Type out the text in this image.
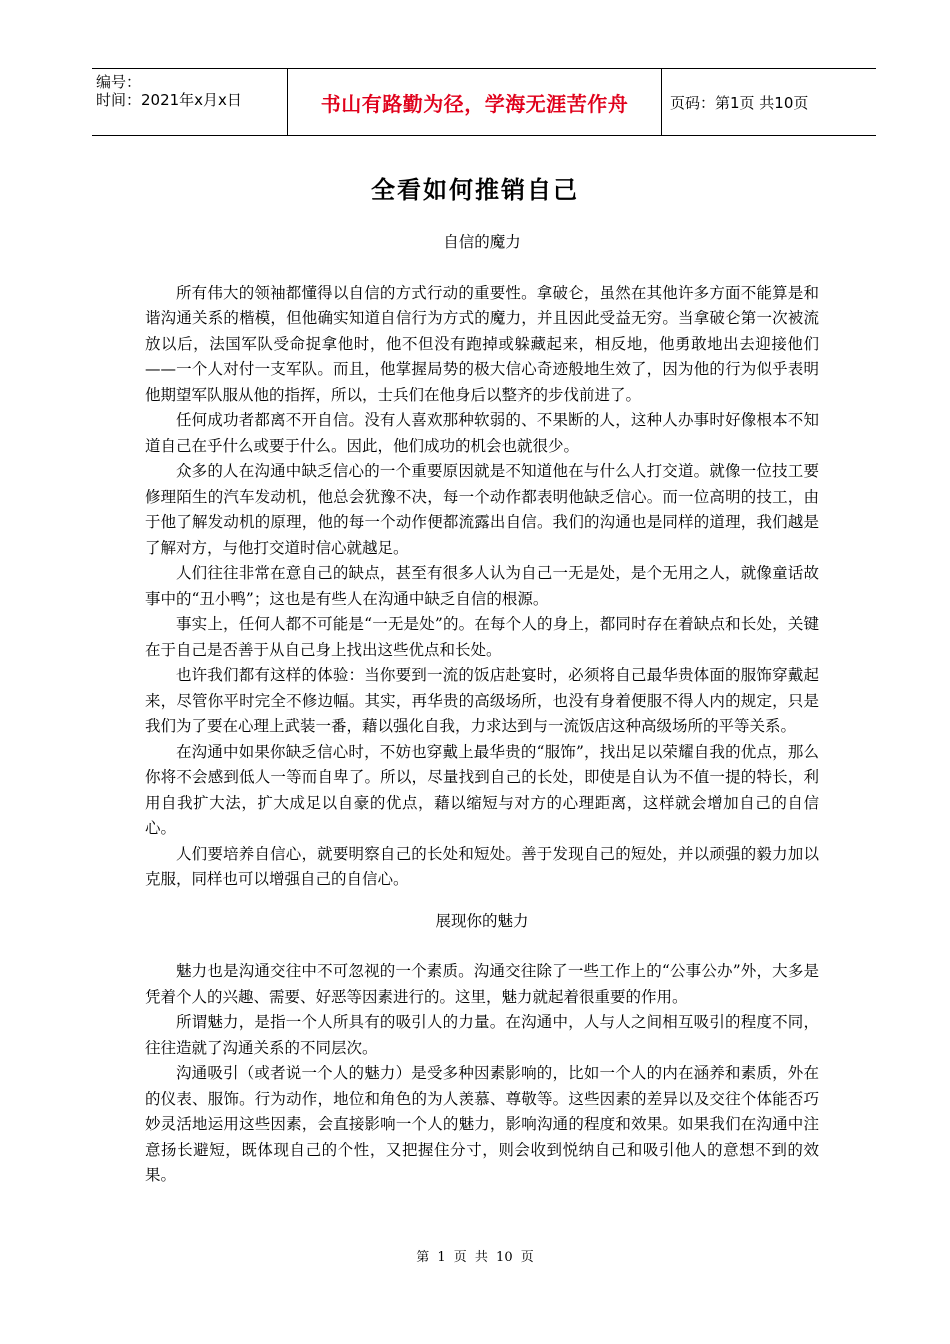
编号：
时间：2021年x月x日	书山有路勤为径，学海无涯苦作舟	页码：第1页 共10页
全看如何推销自己
自信的魔力

所有伟大的领袖都懂得以自信的方式行动的重要性。拿破仑，虽然在其他许多方面不能算是和谐沟通关系的楷模，但他确实知道自信行为方式的魔力，并且因此受益无穷。当拿破仑第一次被流放以后，法国军队受命捉拿他时，他不但没有跑掉或躲藏起来，相反地，他勇敢地出去迎接他们——一个人对付一支军队。而且，他掌握局势的极大信心奇迹般地生效了，因为他的行为似乎表明他期望军队服从他的指挥，所以，士兵们在他身后以整齐的步伐前进了。

任何成功者都离不开自信。没有人喜欢那种软弱的、不果断的人，这种人办事时好像根本不知道自己在乎什么或要于什么。因此，他们成功的机会也就很少。

众多的人在沟通中缺乏信心的一个重要原因就是不知道他在与什么人打交道。就像一位技工要修理陌生的汽车发动机，他总会犹豫不决，每一个动作都表明他缺乏信心。而一位高明的技工，由于他了解发动机的原理，他的每一个动作便都流露出自信。我们的沟通也是同样的道理，我们越是了解对方，与他打交道时信心就越足。

人们往往非常在意自己的缺点，甚至有很多人认为自己一无是处，是个无用之人，就像童话故事中的“丑小鸭”；这也是有些人在沟通中缺乏自信的根源。

事实上，任何人都不可能是“一无是处”的。在每个人的身上，都同时存在着缺点和长处，关键在于自己是否善于从自己身上找出这些优点和长处。

也许我们都有这样的体验：当你要到一流的饭店赴宴时，必须将自己最华贵体面的服饰穿戴起来，尽管你平时完全不修边幅。其实，再华贵的高级场所，也没有身着便服不得人内的规定，只是我们为了要在心理上武装一番，藉以强化自我，力求达到与一流饭店这种高级场所的平等关系。

在沟通中如果你缺乏信心时，不妨也穿戴上最华贵的“服饰”，找出足以荣耀自我的优点，那么你将不会感到低人一等而自卑了。所以，尽量找到自己的长处，即使是自认为不值一提的特长，利用自我扩大法，扩大成足以自豪的优点，藉以缩短与对方的心理距离，这样就会增加自己的自信心。

人们要培养自信心，就要明察自己的长处和短处。善于发现自己的短处，并以顽强的毅力加以克服，同样也可以增强自己的自信心。

展现你的魅力

魅力也是沟通交往中不可忽视的一个素质。沟通交往除了一些工作上的“公事公办”外，大多是凭着个人的兴趣、需要、好恶等因素进行的。这里，魅力就起着很重要的作用。

所谓魅力，是指一个人所具有的吸引人的力量。在沟通中，人与人之间相互吸引的程度不同，往往造就了沟通关系的不同层次。

沟通吸引（或者说一个人的魅力）是受多种因素影响的，比如一个人的内在涵养和素质，外在的仪表、服饰。行为动作，地位和角色的为人羡慕、尊敬等。这些因素的差异以及交往个体能否巧妙灵活地运用这些因素，会直接影响一个人的魅力，影响沟通的程度和效果。如果我们在沟通中注意扬长避短，既体现自己的个性，又把握住分寸，则会收到悦纳自己和吸引他人的意想不到的效果。

第 1 页 共 10 页
